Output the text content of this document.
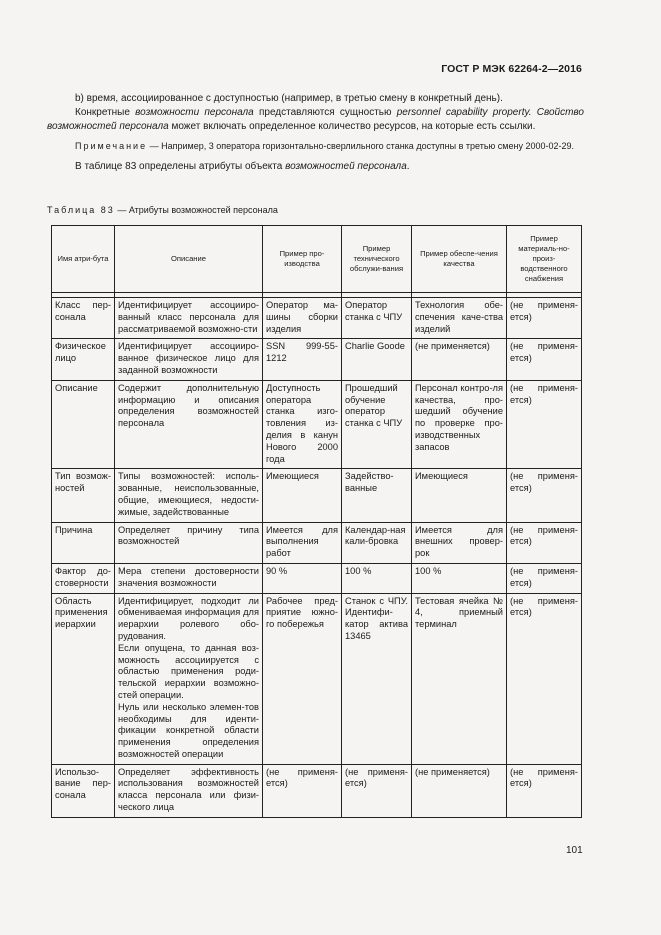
ГОСТ Р МЭК 62264-2—2016

b) время, ассоциированное с доступностью (например, в третью смену в конкретный день).

Конкретные возможности персонала представляются сущностью personnel capability property. Свойство возможностей персонала может включать определенное количество ресурсов, на которые есть ссылки.

Примечание — Например, 3 оператора горизонтально-сверлильного станка доступны в третью смену 2000-02-29.

В таблице 83 определены атрибуты объекта возможностей персонала.

Таблица 83 — Атрибуты возможностей персонала
Имя атри-бута	Описание	Пример про-изводства	Пример технического обслужи-вания	Пример обеспе-чения качества	Пример материаль-но-произ-водственного снабжения

Класс пер-сонала	Идентифицирует ассоцииро-ванный класс персонала для рассматриваемой возможно-сти	Оператор ма-шины сборки изделия	Оператор станка с ЧПУ	Технология обе-спечения каче-ства изделий	(не применя-ется)

Физическое лицо	Идентифицирует ассоцииро-ванное физическое лицо для заданной возможности	SSN 999-55-1212	Charlie Goode	(не применяется)	(не применя-ется)

Описание	Содержит дополнительную информацию и описания определения возможностей персонала	Доступность оператора станка изго-товления из-делия в канун Нового 2000 года	Прошедший обучение оператор станка с ЧПУ	Персонал контро-ля качества, про-шедший обучение по проверке про-изводственных запасов	(не применя-ется)

Тип возмож-ностей	Типы возможностей: исполь-зованные, неиспользованные, общие, имеющиеся, недости-жимые, задействованные	Имеющиеся	Задейство-ванные	Имеющиеся	(не применя-ется)

Причина	Определяет причину типа возможностей	Имеется для выполнения работ	Календар-ная кали-бровка	Имеется для внешних провер-рок	(не применя-ется)

Фактор до-стоверности	Мера степени достоверности значения возможности	90 %	100 %	100 %	(не применя-ется)

Область применения иерархии	Идентифицирует, подходит ли обмениваемая информация для иерархии ролевого обо-рудования.
Если опущена, то данная воз-можность ассоциируется с областью применения роди-тельской иерархии возможно-стей операции.
Нуль или несколько элемен-тов необходимы для иденти-фикации конкретной области применения определения возможностей операции	Рабочее пред-приятие южно-го побережья	Станок с ЧПУ. Идентифи-катор актива 13465	Тестовая ячейка № 4, приемный терминал	(не применя-ется)

Использо-вание пер-сонала	Определяет эффективность использования возможностей класса персонала или физи-ческого лица	(не применя-ется)	(не применя-ется)	(не применяется)	(не применя-ется)
101
